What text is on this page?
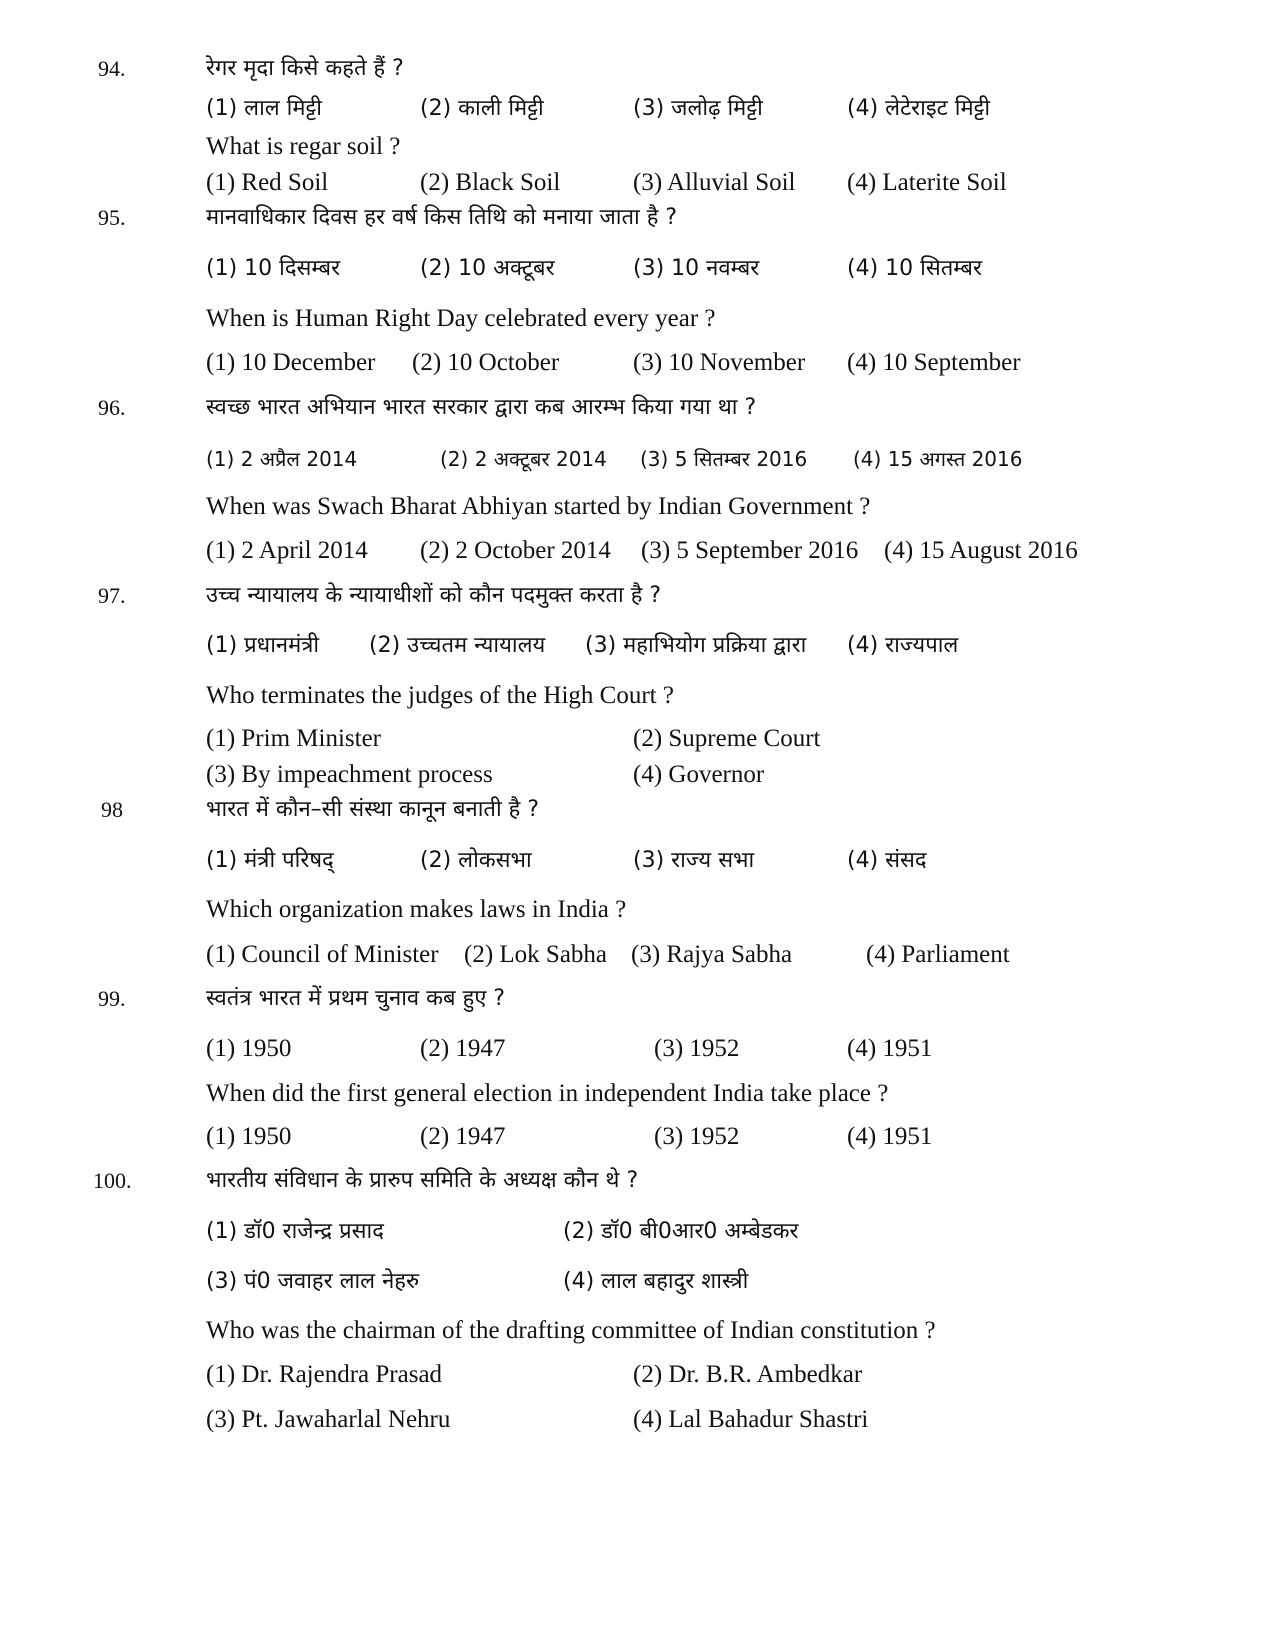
94.	रेगर मृदा किसे कहते हैं ?
(1) लाल मिट्टी	(2) काली मिट्टी	(3) जलोढ़ मिट्टी	(4) लेटेराइट मिट्टी
What is regar soil ?
(1) Red Soil	(2) Black Soil	(3) Alluvial Soil (4) Laterite Soil
95.	मानवाधिकार दिवस हर वर्ष किस तिथि को मनाया जाता है ?
(1) 10 दिसम्बर	(2) 10 अक्टूबर	(3) 10 नवम्बर	(4) 10 सितम्बर
When is Human Right Day celebrated every year ?
(1) 10 December (2) 10 October	(3) 10 November (4) 10 September
96.	स्वच्छ भारत अभियान भारत सरकार द्वारा कब आरम्भ किया गया था ?
(1) 2 अप्रैल 2014	(2) 2 अक्टूबर 2014 (3) 5 सितम्बर 2016 (4) 15 अगस्त 2016
When was Swach Bharat Abhiyan started by Indian Government ?
(1) 2 April 2014 (2) 2 October 2014 (3) 5 September 2016 (4) 15 August 2016
97.	उच्च न्यायालय के न्यायाधीशों को कौन पदमुक्त करता है ?
(1) प्रधानमंत्री (2) उच्चतम न्यायालय (3) महाभियोग प्रक्रिया द्वारा (4) राज्यपाल
Who terminates the judges of the High Court ?
(1) Prim Minister	(2) Supreme Court
(3) By impeachment process	(4) Governor
98	भारत में कौन–सी संस्था कानून बनाती है ?
(1) मंत्री परिषद्	(2) लोकसभा	(3) राज्य सभा	(4) संसद
Which organization makes laws in India ?
(1) Council of Minister (2) Lok Sabha (3) Rajya Sabha	(4) Parliament
99.	स्वतंत्र भारत में प्रथम चुनाव कब हुए ?
(1) 1950	(2) 1947	(3) 1952	(4) 1951
When did the first general election in independent India take place ?
(1) 1950	(2) 1947	(3) 1952	(4) 1951
100.	भारतीय संविधान के प्रारुप समिति के अध्यक्ष कौन थे ?
(1) डॉ0 राजेन्द्र प्रसाद	(2) डॉ0 बी0आर0 अम्बेडकर
(3) पं0 जवाहर लाल नेहरु	(4) लाल बहादुर शास्त्री
Who was the chairman of the drafting committee of Indian constitution ?
(1) Dr. Rajendra Prasad	(2) Dr. B.R. Ambedkar
(3) Pt. Jawaharlal Nehru	(4) Lal Bahadur Shastri
